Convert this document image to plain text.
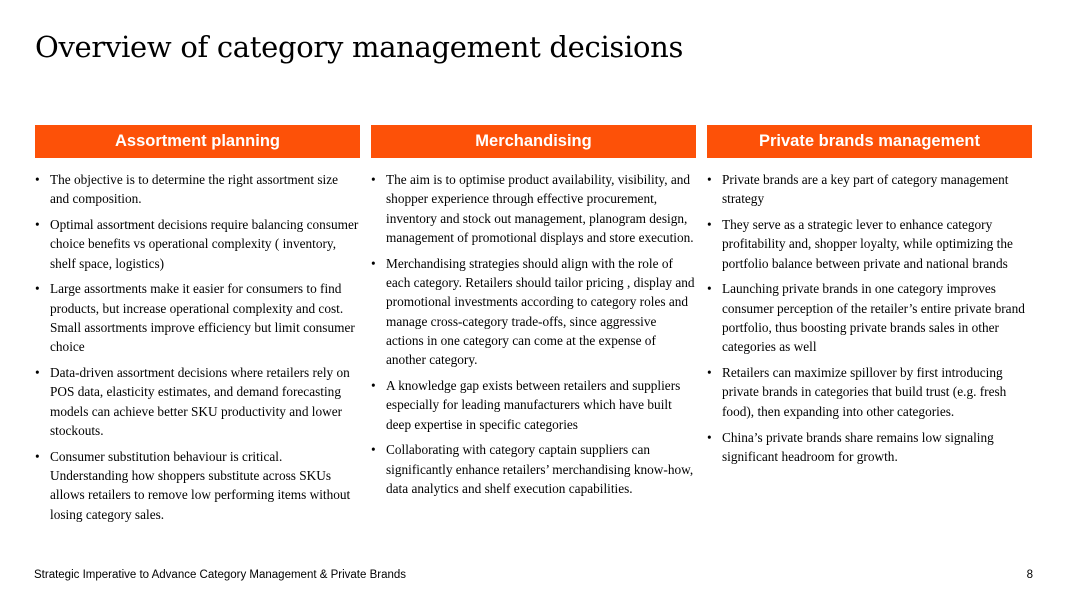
Overview of category management decisions
Assortment planning
• The objective is to determine the right assortment size and composition.
• Optimal assortment decisions require balancing consumer choice benefits vs operational complexity ( inventory, shelf space, logistics)
• Large assortments make it easier for consumers to find products, but increase operational complexity and cost. Small assortments improve efficiency but limit consumer choice
• Data-driven assortment decisions where retailers rely on POS data, elasticity estimates, and demand forecasting models can achieve better SKU productivity and lower stockouts.
• Consumer substitution behaviour is critical. Understanding how shoppers substitute across SKUs allows retailers to remove low performing items without losing category sales.
Merchandising
• The aim is to optimise product availability, visibility, and shopper experience through effective procurement, inventory and stock out management, planogram design, management of promotional displays and store execution.
• Merchandising strategies should align with the role of each category. Retailers should tailor pricing , display and promotional investments according to category roles and manage cross-category trade-offs, since aggressive actions in one category can come at the expense of another category.
• A knowledge gap exists between retailers and suppliers especially for leading manufacturers which have built deep expertise in specific categories
• Collaborating with category captain suppliers can significantly enhance retailers’ merchandising know-how, data analytics and shelf execution capabilities.
Private brands management
• Private brands are a key part of category management strategy
• They serve as a strategic lever to enhance category profitability and, shopper loyalty, while optimizing the portfolio balance between private and national brands
• Launching private brands in one category improves consumer perception of the retailer’s entire private brand portfolio, thus boosting private brands sales in other categories as well
• Retailers can maximize spillover by first introducing private brands in categories that build trust (e.g. fresh food), then expanding into other categories.
• China’s private brands share remains low signaling significant headroom for growth.
Strategic Imperative to Advance Category Management & Private Brands	8
